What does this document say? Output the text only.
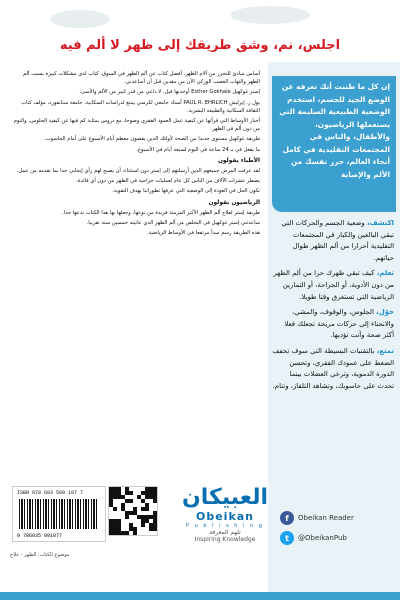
اجلس، نم، وشق طريقك إلى ظهر لا ألم فيه

إن كل ما ظننت أنك تعرفه عن الوضع الجيد للجسم، استخدم الوضعية الطبيعية السليمة التي يستعملها الرياضيون، والأطفال، والناس في المجتمعات التقليدية في كامل أنحاء العالم، حرر نفسك من الألم والإصابة

اكتشف، وضعية الجسم والحركات التي تبقي البالغين والكبار في المجتمعات التقليدية أحرارا من ألم الظهر طوال حياتهم.

تعلم، كيف تبقي ظهرك حرا من ألم الظهر من دون الأدوية، أو الجراحة، أو التمارين الرياضية التي تستغرق وقتا طويلا.

حوّل، الجلوس، والوقوف، والمشي، والانحناء إلى حركات مريحة تجعلك فعلا أكثر صحة وأنت تؤديها.

تمتع، بالتقنيات البسيطة التي سوف تخفف الضغط على عمودك الفقري، وتحسن الدورة الدموية، وترخي العضلات بينما تحدث على حاسوبك، وتشاهد التلفاز، وتنام.

أساس مبادئ للتحرر من آلام الظهر، أفضل كتاب عن ألم الظهر في السوق. كتاب لذي مشكلات كبيرة بسبب ألم الظهر والتهاب العصب الوركي الآن من مقدين قبل أن أساعدني.

إستر غوكهيل Esther Gokhale أوجدتها قبل، لا داعي من قدر كبير من الألم والأسى.

بول ر. إيرليش PAUL R. EHRLICH أستاذ جامعي لكرسي بيتنغ لدراسات السكانية، جامعة ستانفورد، مؤلف كتاب الثقافة السكانية والطبيعة البشرية.

أخبار الأوساط التي قرأتها عن كيفية عمل العمود الفقري وضوحا، مع دروس بمثابة كم فيها عن كيفية الجلوس، والنوم من دون ألم في الظهر.

طريقة غوكهيل مستوى جديدا من الصحة لأولئك الذين يقضون معظم أيام الأسبوع على أمام الحاسوب.

ما يفعل في بـ 24 ساعة في اليوم لسبعة أيام في الأسبوع.

الأطباء يقولون

لقد عرفت المرض جميعهم الذين أرسلتهم إلى إستر دون استثناء، أن يصبح لهم رأي إيجابي جدا بما تقدمه من عمل.

يضطر عشرات الآلاف من الناس كل عام لعمليات جراحية في الظهر من دون أي فائدة.

تكون الحل في العودة إلى الوضعية التي عرفها تطوراتنا بهدف التقوية.

الرياضيون يقولون

طريقة إستر لعلاج ألم الظهر الأكبر المزمنة فريدة من نوعها، وجعلها بها هذا الكتاب ندعها جدا.

ساعدتني إستر غوكهيل في التخلص من ألم الظهر الذي عانيته خمسين سنة تقريبا.

هذه الطريقة رسم مبدأ مرتفعا في الأوساط الرياضية.

ISBN 978 603 509 107 7
9 786035 091077
موضوع الكتاب: الظهر - علاج
العبيكان
Obeikan
P u b l i s h i n g
تلهم المعرفة
Inspiring Knowledge
f	Obeikan Reader
t	@ObeikanPub
